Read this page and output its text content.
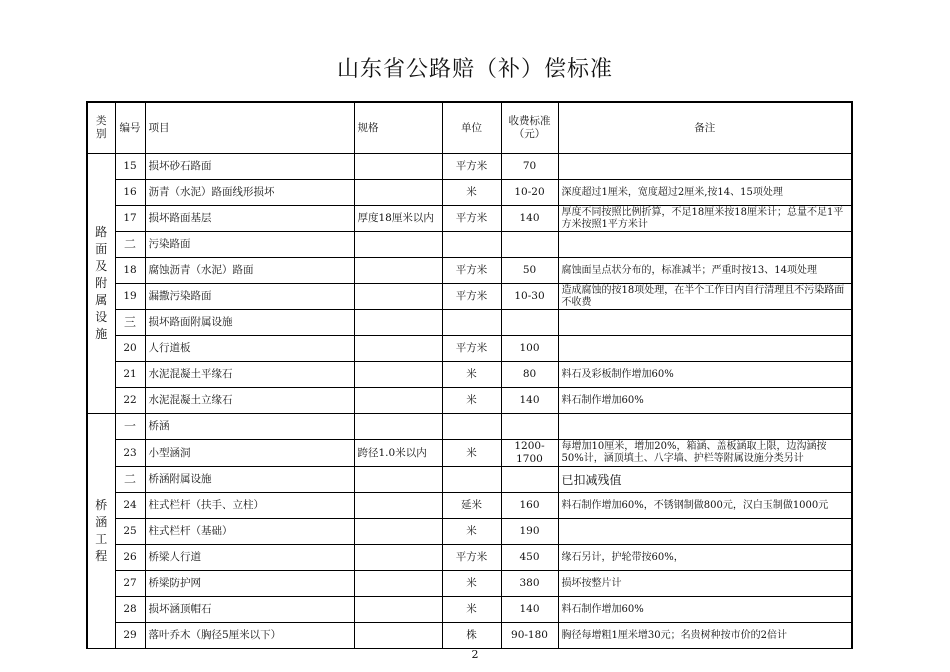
山东省公路赔（补）偿标准
类别	编号	项目	规格	单位	收费标准（元）	备注

路面及附属设施	15	损坏砂石路面		平方米	70	
	16	沥青（水泥）路面线形损坏		米	10-20	深度超过1厘米，宽度超过2厘米,按14、15项处理
	17	损坏路面基层	厚度18厘米以内	平方米	140	厚度不同按照比例折算，不足18厘米按18厘米计；总量不足1平方米按照1平方米计
	二	污染路面				
	18	腐蚀沥青（水泥）路面		平方米	50	腐蚀面呈点状分布的，标准减半；严重时按13、14项处理
	19	漏撒污染路面		平方米	10-30	造成腐蚀的按18项处理，在半个工作日内自行清理且不污染路面不收费
	三	损坏路面附属设施				
	20	人行道板		平方米	100	
	21	水泥混凝土平缘石		米	80	料石及彩板制作增加60%
	22	水泥混凝土立缘石		米	140	料石制作增加60%

桥涵工程	一	桥涵				
	23	小型涵洞	跨径1.0米以内	米	1200-1700	每增加10厘米，增加20%，箱涵、盖板涵取上限，边沟涵按50%计，涵顶填土、八字墙、护栏等附属设施分类另计
	二	桥涵附属设施				已扣减残值
	24	柱式栏杆（扶手、立柱）		延米	160	料石制作增加60%，不锈钢制做800元，汉白玉制做1000元
	25	柱式栏杆（基础）		米	190	
	26	桥梁人行道		平方米	450	缘石另计，护轮带按60%，
	27	桥梁防护网		米	380	损坏按整片计
	28	损坏涵顶帽石		米	140	料石制作增加60%
	29	落叶乔木（胸径5厘米以下）		株	90-180	胸径每增粗1厘米增30元；名贵树种按市价的2倍计
2
